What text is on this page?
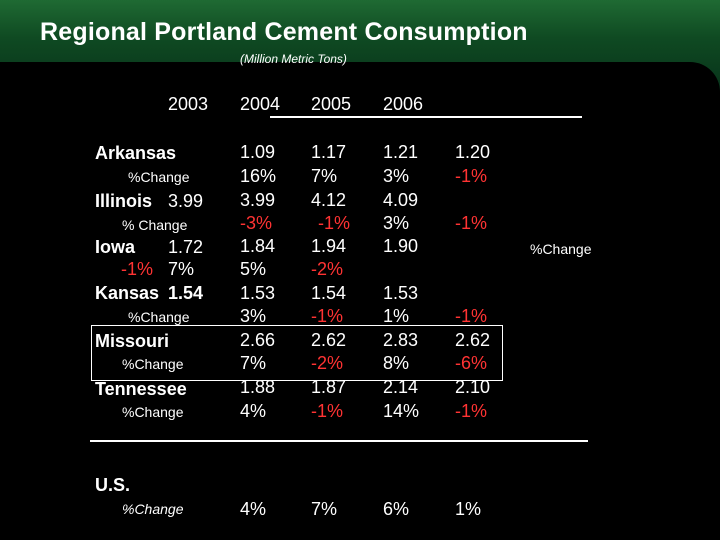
Regional Portland Cement Consumption
(Million Metric Tons)
2003 2004 2005 2006
Arkansas	1.09 1.17 1.21 1.20
%Change	16% 7%	3%	-1%
Illinois 3.99 3.99 4.12 4.09
% Change	-3%	-1% 3%	-1%
Iowa 1.72 1.84 1.94 1.90	%Change
-1% 7%	5% -2%
Kansas 1.54 1.53 1.54 1.53
%Change	3% -1% 1%	-1%
Missouri	2.66 2.62 2.83 2.62
%Change	7% -2% 8%	-6%
Tennessee	1.88 1.87 2.14 2.10
%Change	4% -1% 14% -1%
U.S.
%Change	4% 7%	6%	1%
